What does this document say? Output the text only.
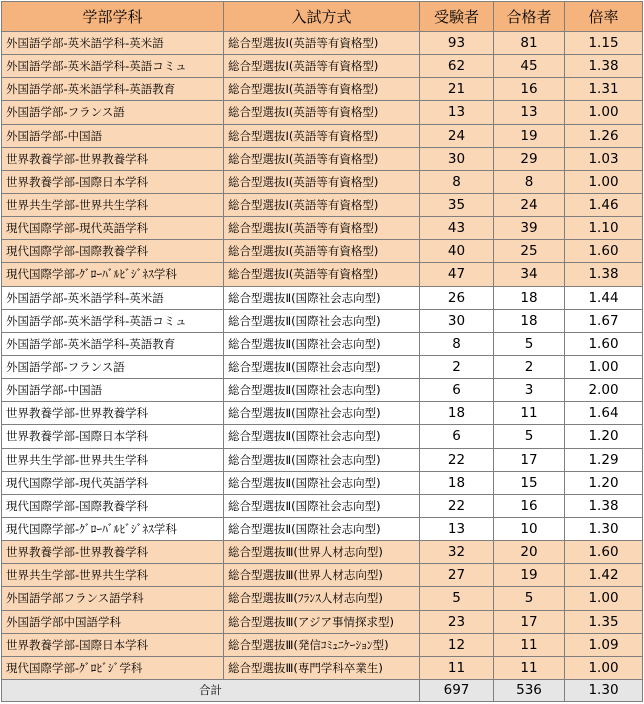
学部学科	入試方式	受験者	合格者	倍率
外国語学部-英米語学科-英米語	総合型選抜Ⅰ(英語等有資格型)	93	81	1.15
外国語学部-英米語学科-英語コミュ	総合型選抜Ⅰ(英語等有資格型)	62	45	1.38
外国語学部-英米語学科-英語教育	総合型選抜Ⅰ(英語等有資格型)	21	16	1.31
外国語学部-フランス語	総合型選抜Ⅰ(英語等有資格型)	13	13	1.00
外国語学部-中国語	総合型選抜Ⅰ(英語等有資格型)	24	19	1.26
世界教養学部-世界教養学科	総合型選抜Ⅰ(英語等有資格型)	30	29	1.03
世界教養学部-国際日本学科	総合型選抜Ⅰ(英語等有資格型)	8	8	1.00
世界共生学部-世界共生学科	総合型選抜Ⅰ(英語等有資格型)	35	24	1.46
現代国際学部-現代英語学科	総合型選抜Ⅰ(英語等有資格型)	43	39	1.10
現代国際学部-国際教養学科	総合型選抜Ⅰ(英語等有資格型)	40	25	1.60
現代国際学部-ｸﾞﾛｰﾊﾞﾙﾋﾞｼﾞﾈｽ学科	総合型選抜Ⅰ(英語等有資格型)	47	34	1.38
外国語学部-英米語学科-英米語	総合型選抜Ⅱ(国際社会志向型)	26	18	1.44
外国語学部-英米語学科-英語コミュ	総合型選抜Ⅱ(国際社会志向型)	30	18	1.67
外国語学部-英米語学科-英語教育	総合型選抜Ⅱ(国際社会志向型)	8	5	1.60
外国語学部-フランス語	総合型選抜Ⅱ(国際社会志向型)	2	2	1.00
外国語学部-中国語	総合型選抜Ⅱ(国際社会志向型)	6	3	2.00
世界教養学部-世界教養学科	総合型選抜Ⅱ(国際社会志向型)	18	11	1.64
世界教養学部-国際日本学科	総合型選抜Ⅱ(国際社会志向型)	6	5	1.20
世界共生学部-世界共生学科	総合型選抜Ⅱ(国際社会志向型)	22	17	1.29
現代国際学部-現代英語学科	総合型選抜Ⅱ(国際社会志向型)	18	15	1.20
現代国際学部-国際教養学科	総合型選抜Ⅱ(国際社会志向型)	22	16	1.38
現代国際学部-ｸﾞﾛｰﾊﾞﾙﾋﾞｼﾞﾈｽ学科	総合型選抜Ⅱ(国際社会志向型)	13	10	1.30
世界教養学部-世界教養学科	総合型選抜Ⅲ(世界人材志向型)	32	20	1.60
世界共生学部-世界共生学科	総合型選抜Ⅲ(世界人材志向型)	27	19	1.42
外国語学部フランス語学科	総合型選抜Ⅲ(ﾌﾗﾝｽ人材志向型)	5	5	1.00
外国語学部中国語学科	総合型選抜Ⅲ(アジア事情探求型)	23	17	1.35
世界教養学部-国際日本学科	総合型選抜Ⅲ(発信ｺﾐｭﾆｹｰｼｮﾝ型)	12	11	1.09
現代国際学部-ｸﾞﾛﾋﾞｼﾞ学科	総合型選抜Ⅲ(専門学科卒業生)	11	11	1.00
合計		697	536	1.30
